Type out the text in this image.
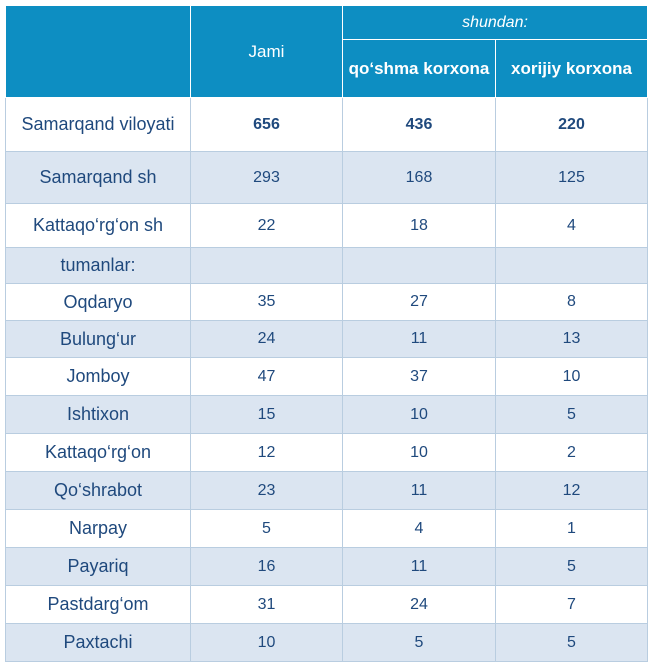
	Jami	shundan:	
		qo‘shma korxona	xorijiy korxona
Samarqand viloyati	656	436	220
Samarqand sh	293	168	125
Kattaqo‘rg‘on sh	22	18	4
tumanlar:			
Oqdaryo	35	27	8
Bulung‘ur	24	11	13
Jomboy	47	37	10
Ishtixon	15	10	5
Kattaqo‘rg‘on	12	10	2
Qo‘shrabot	23	11	12
Narpay	5	4	1
Payariq	16	11	5
Pastdarg‘om	31	24	7
Paxtachi	10	5	5
